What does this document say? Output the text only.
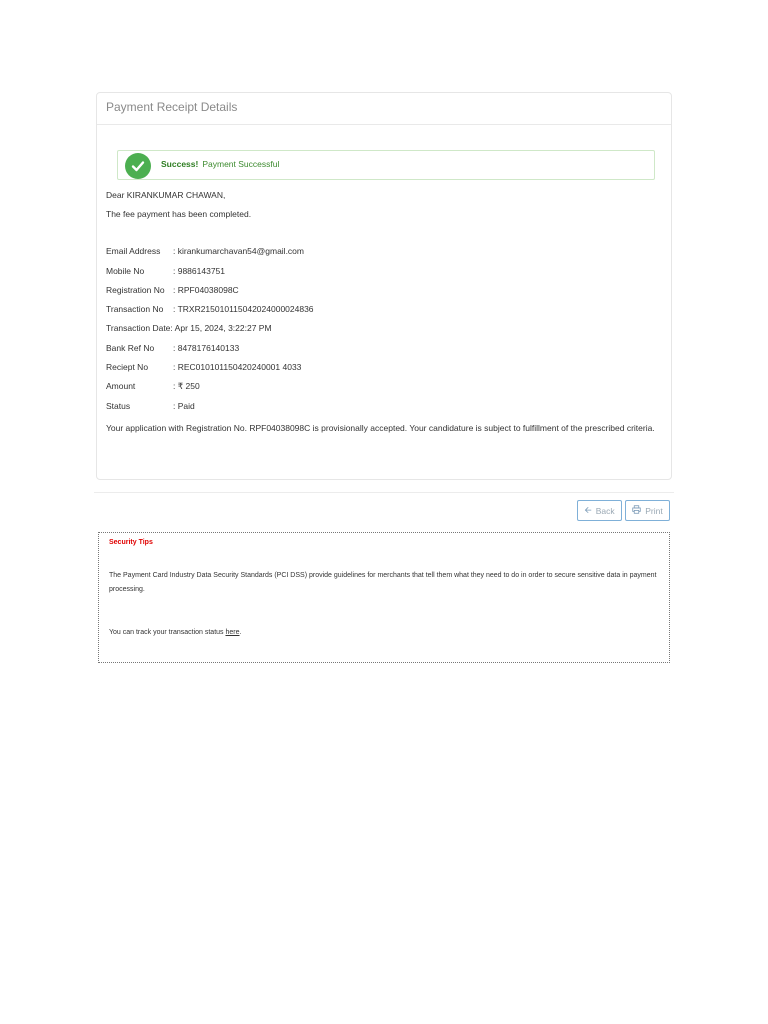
Payment Receipt Details
Success! Payment Successful
Dear KIRANKUMAR CHAWAN,
The fee payment has been completed.
Email Address : kirankumarchavan54@gmail.com
Mobile No	: 9886143751
Registration No : RPF04038098C
Transaction No : TRXR215010115042024000024836
Transaction Date: Apr 15, 2024, 3:22:27 PM
Bank Ref No : 8478176140133
Reciept No	: REC010101150420240001 4033
Amount	: ₹ 250
Status	: Paid
Your application with Registration No. RPF04038098C is provisionally accepted. Your candidature is subject to fulfillment of the prescribed criteria.
🡨 Back	Print
Security Tips
The Payment Card Industry Data Security Standards (PCI DSS) provide guidelines for merchants that tell them what they need to do in order to secure sensitive data in payment processing.
You can track your transaction status here.
